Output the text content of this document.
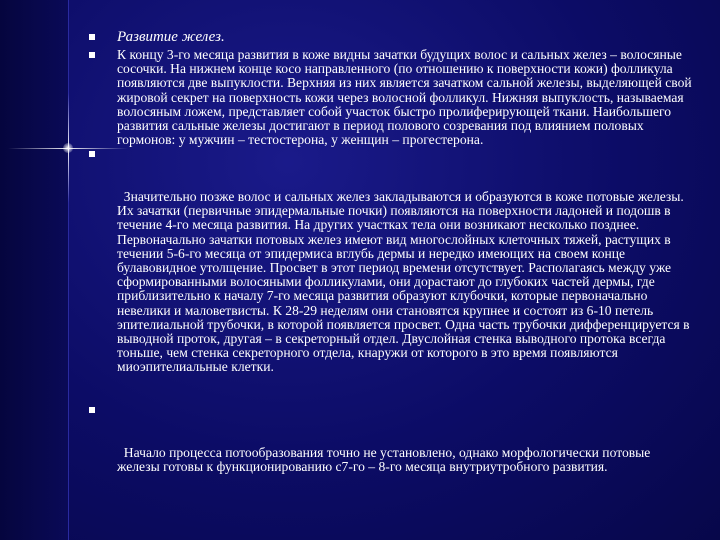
Развитие желез.
К концу 3-го месяца развития в коже видны зачатки будущих волос и сальных желез – волосяные сосочки. На нижнем конце косо направленного (по отношению к поверхности кожи) фолликула появляются две выпуклости. Верхняя из них является зачатком сальной железы, выделяющей свой жировой секрет на поверхность кожи через волосной фолликул. Нижняя выпуклость, называемая волосяным ложем, представляет собой участок быстро пролиферирующей ткани. Наибольшего развития сальные железы достигают в период полового созревания под влиянием половых гормонов: у мужчин – тестостерона, у женщин – прогестерона.

Значительно позже волос и сальных желез закладываются и образуются в коже потовые железы. Их зачатки (первичные эпидермальные почки) появляются на поверхности ладоней и подошв в течение 4-го месяца развития. На других участках тела они возникают несколько позднее. Первоначально зачатки потовых желез имеют вид многослойных клеточных тяжей, растущих в течении 5-6-го месяца от эпидермиса вглубь дермы и нередко имеющих на своем конце булавовидное утолщение. Просвет в этот период времени отсутствует. Располагаясь между уже сформированными волосяными фолликулами, они дорастают до глубоких частей дермы, где приблизительно к началу 7-го месяца развития образуют клубочки, которые первоначально невелики и маловетвисты. К 28-29 неделям они становятся крупнее и состоят из 6-10 петель эпителиальной трубочки, в которой появляется просвет. Одна часть трубочки дифференцируется в выводной проток, другая – в секреторный отдел. Двуслойная стенка выводного протока всегда тоньше, чем стенка секреторного отдела, кнаружи от которого в это время появляются миоэпителиальные клетки.

Начало процесса потообразования точно не установлено, однако морфологически потовые железы готовы к функционированию с7-го – 8-го месяца внутриутробного развития.
